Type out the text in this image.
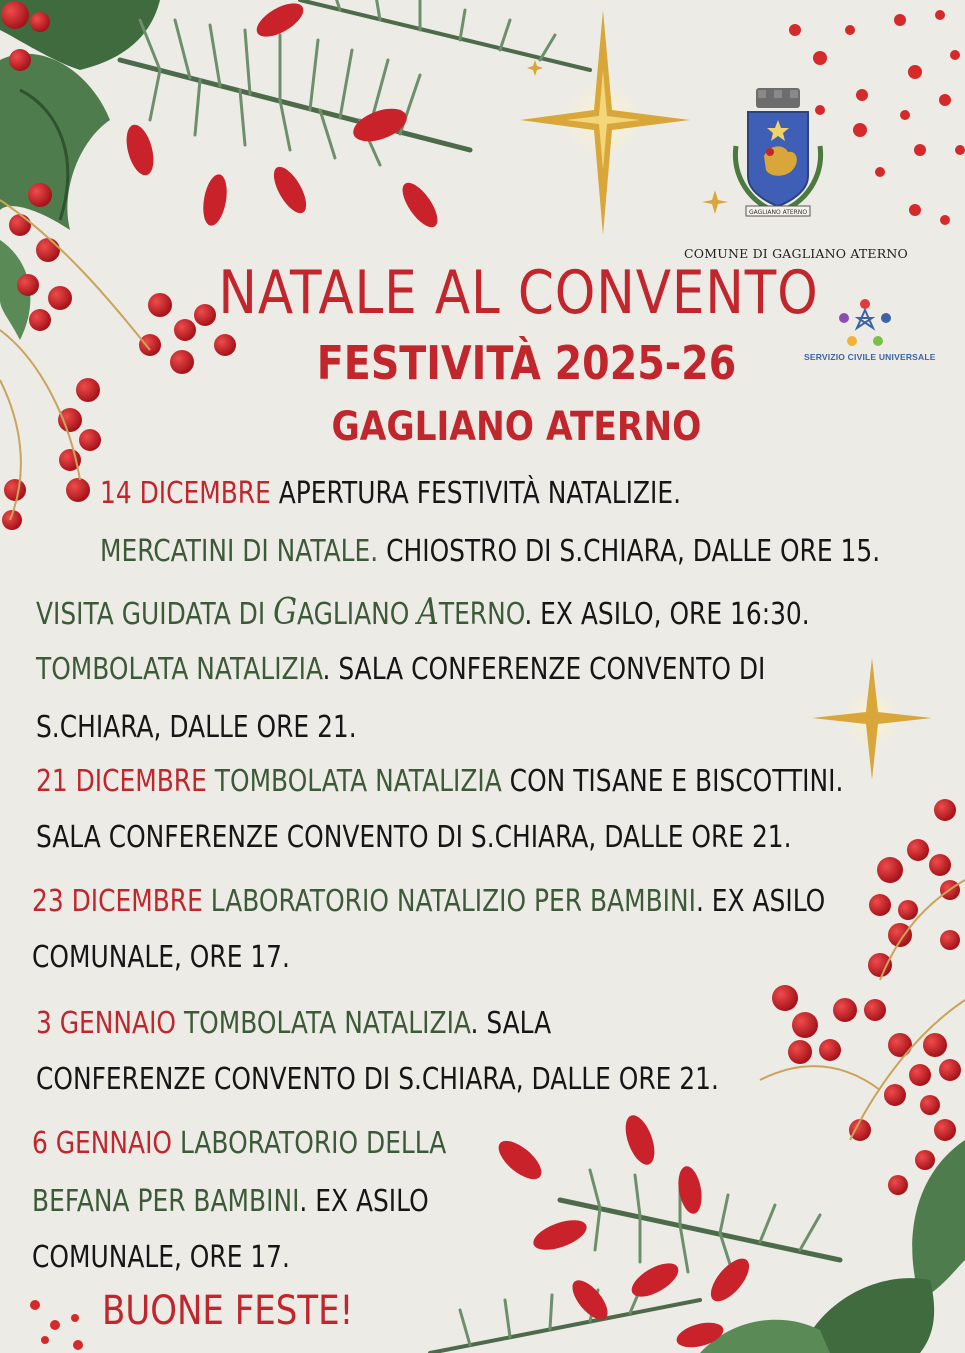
GAGLIANO ATERNO
COMUNE DI GAGLIANO ATERNO
SERVIZIO CIVILE UNIVERSALE
NATALE AL CONVENTO
FESTIVITÀ 2025-26
GAGLIANO ATERNO
14 DICEMBRE APERTURA FESTIVITÀ NATALIZIE.
MERCATINI DI NATALE. CHIOSTRO DI S.CHIARA, DALLE ORE 15.
VISITA GUIDATA DI GAGLIANO ATERNO. EX ASILO, ORE 16:30.
TOMBOLATA NATALIZIA. SALA CONFERENZE CONVENTO DI
S.CHIARA, DALLE ORE 21.
21 DICEMBRE TOMBOLATA NATALIZIA CON TISANE E BISCOTTINI.
SALA CONFERENZE CONVENTO DI S.CHIARA, DALLE ORE 21.
23 DICEMBRE LABORATORIO NATALIZIO PER BAMBINI. EX ASILO
COMUNALE, ORE 17.
3 GENNAIO TOMBOLATA NATALIZIA. SALA
CONFERENZE CONVENTO DI S.CHIARA, DALLE ORE 21.
6 GENNAIO LABORATORIO DELLA
BEFANA PER BAMBINI. EX ASILO
COMUNALE, ORE 17.
BUONE FESTE!
